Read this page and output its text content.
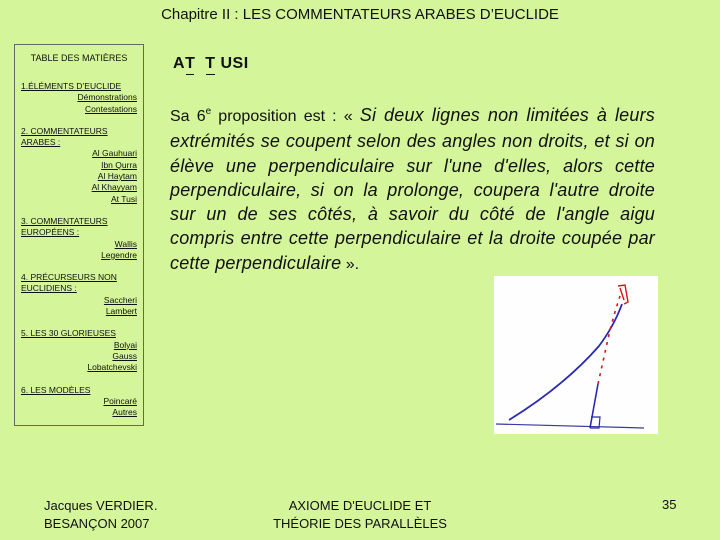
Chapitre II : LES COMMENTATEURS ARABES D’EUCLIDE
TABLE DES MATIÈRES
1.ÉLÉMENTS D’EUCLIDE
Démonstrations
Contestations
2. COMMENTATEURS ARABES :
Al Gauhuari
Ibn Qurra
Al Haytam
Al Khayyam
At Tusi
3. COMMENTATEURS EUROPÉENS :
Wallis
Legendre
4. PRÉCURSEURS NON EUCLIDIENS :
Saccheri
Lambert
5. LES 30 GLORIEUSES
Bolyai
Gauss
Lobatchevski
6. LES MODÈLES
Poincaré
Autres
AT T USI

Sa 6e proposition est : « Si deux lignes non limitées à leurs extrémités se coupent selon des angles non droits, et si on élève une perpendiculaire sur l'une d'elles, alors cette perpendiculaire, si on la prolonge, coupera l'autre droite sur un de ses côtés, à savoir du côté de l'angle aigu compris entre cette perpendiculaire et la droite coupée par cette perpendiculaire ».

Jacques VERDIER.
BESANÇON 2007
AXIOME D'EUCLIDE ET
THÉORIE DES PARALLÈLES
35
